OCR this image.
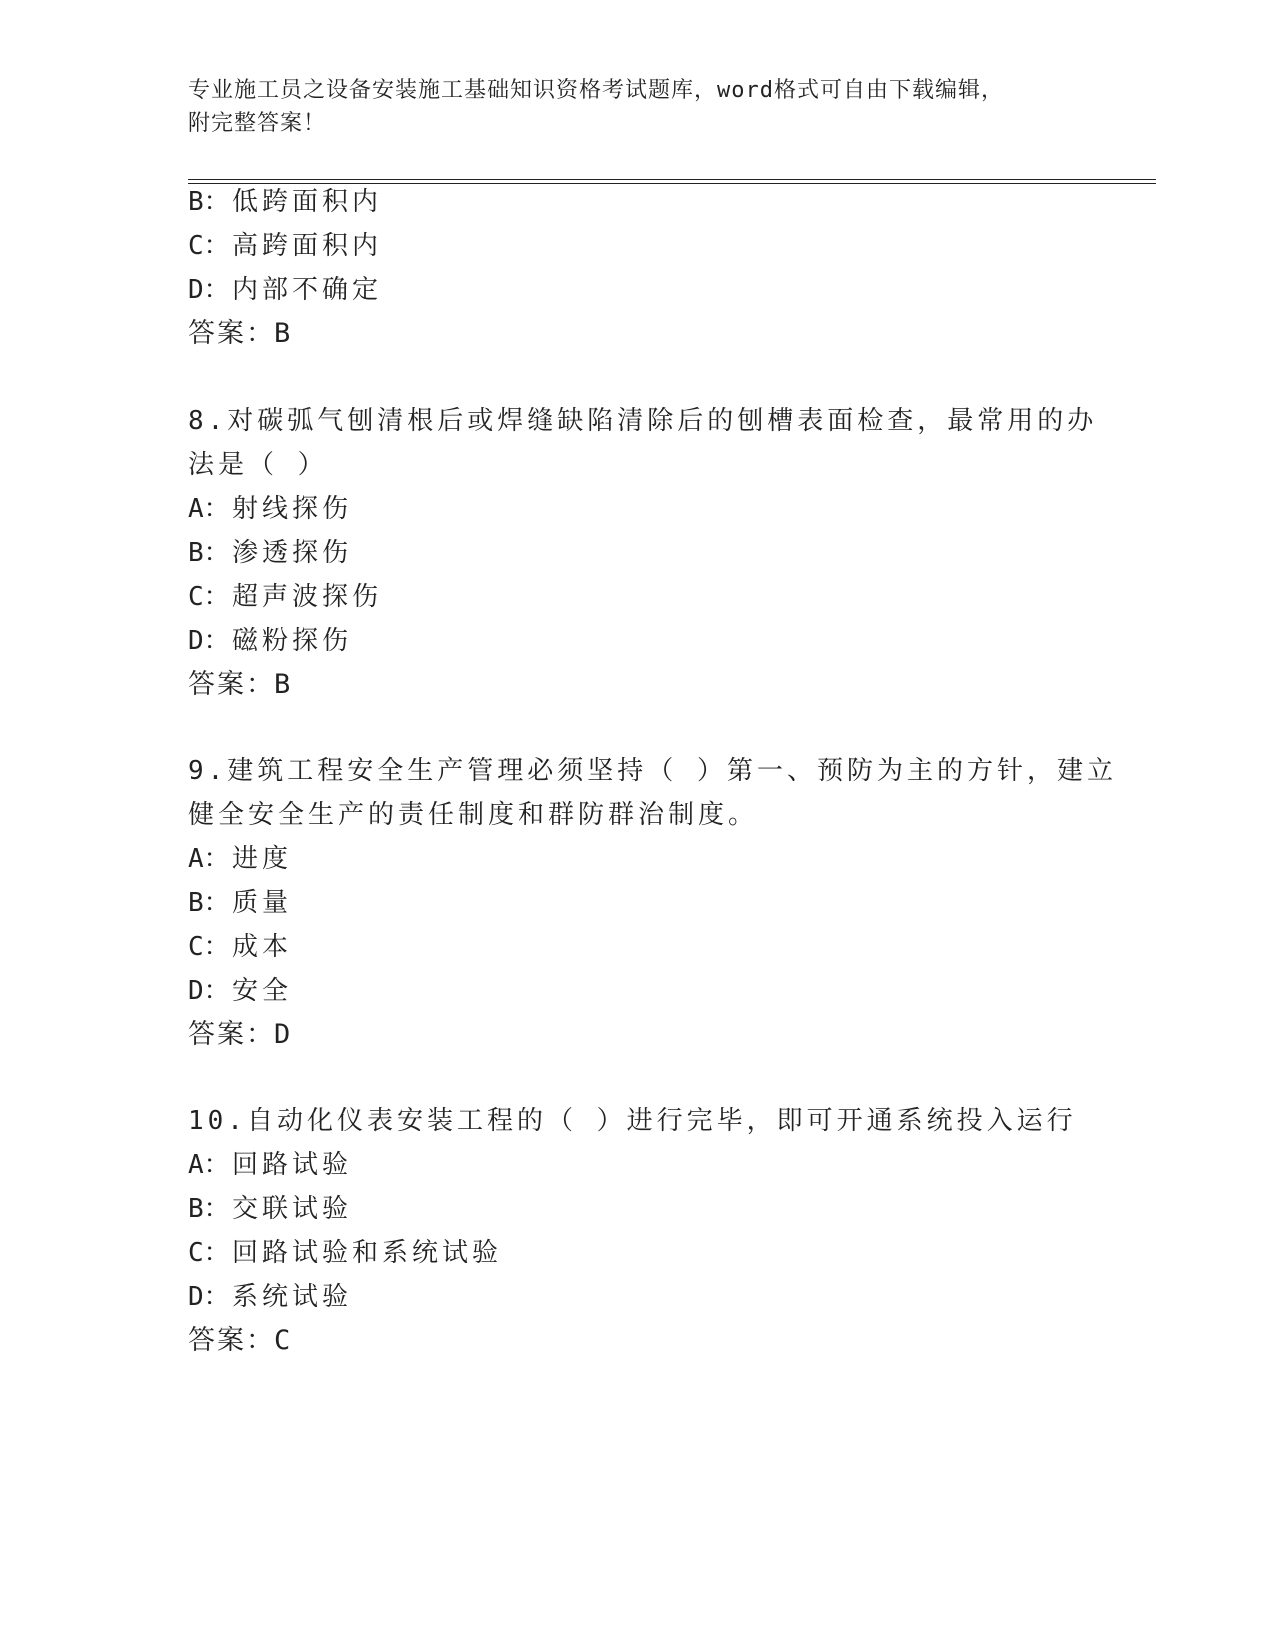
专业施工员之设备安装施工基础知识资格考试题库，word格式可自由下载编辑，
附完整答案！
B：低跨面积内
C：高跨面积内
D：内部不确定
答案：B
8.对碳弧气刨清根后或焊缝缺陷清除后的刨槽表面检查，最常用的办
法是（ ）
A：射线探伤
B：渗透探伤
C：超声波探伤
D：磁粉探伤
答案：B
9.建筑工程安全生产管理必须坚持（ ）第一、预防为主的方针，建立
健全安全生产的责任制度和群防群治制度。
A：进度
B：质量
C：成本
D：安全
答案：D
10.自动化仪表安装工程的（ ）进行完毕，即可开通系统投入运行
A：回路试验
B：交联试验
C：回路试验和系统试验
D：系统试验
答案：C
